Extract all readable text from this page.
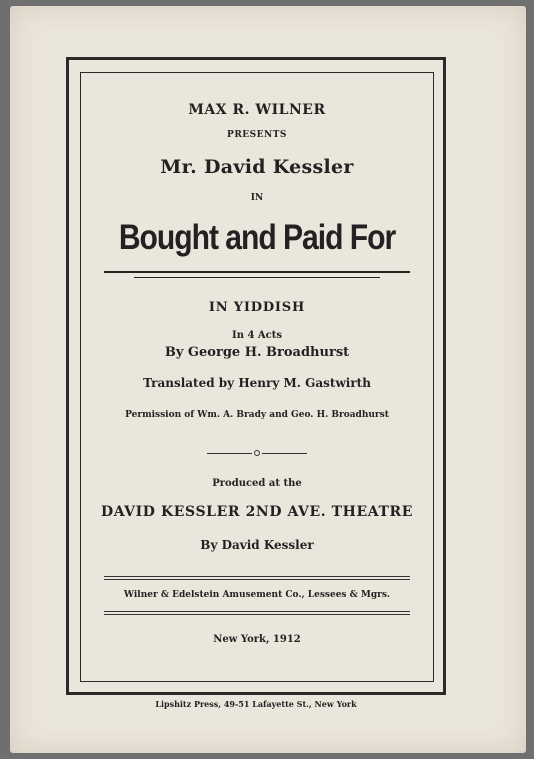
MAX R. WILNER
PRESENTS
Mr. David Kessler
IN
Bought and Paid For
IN YIDDISH
In 4 Acts
By George H. Broadhurst
Translated by Henry M. Gastwirth
Permission of Wm. A. Brady and Geo. H. Broadhurst
Produced at the
DAVID KESSLER 2ND AVE. THEATRE
By David Kessler
Wilner & Edelstein Amusement Co., Lessees & Mgrs.
New York, 1912
Lipshitz Press, 49-51 Lafayette St., New York
